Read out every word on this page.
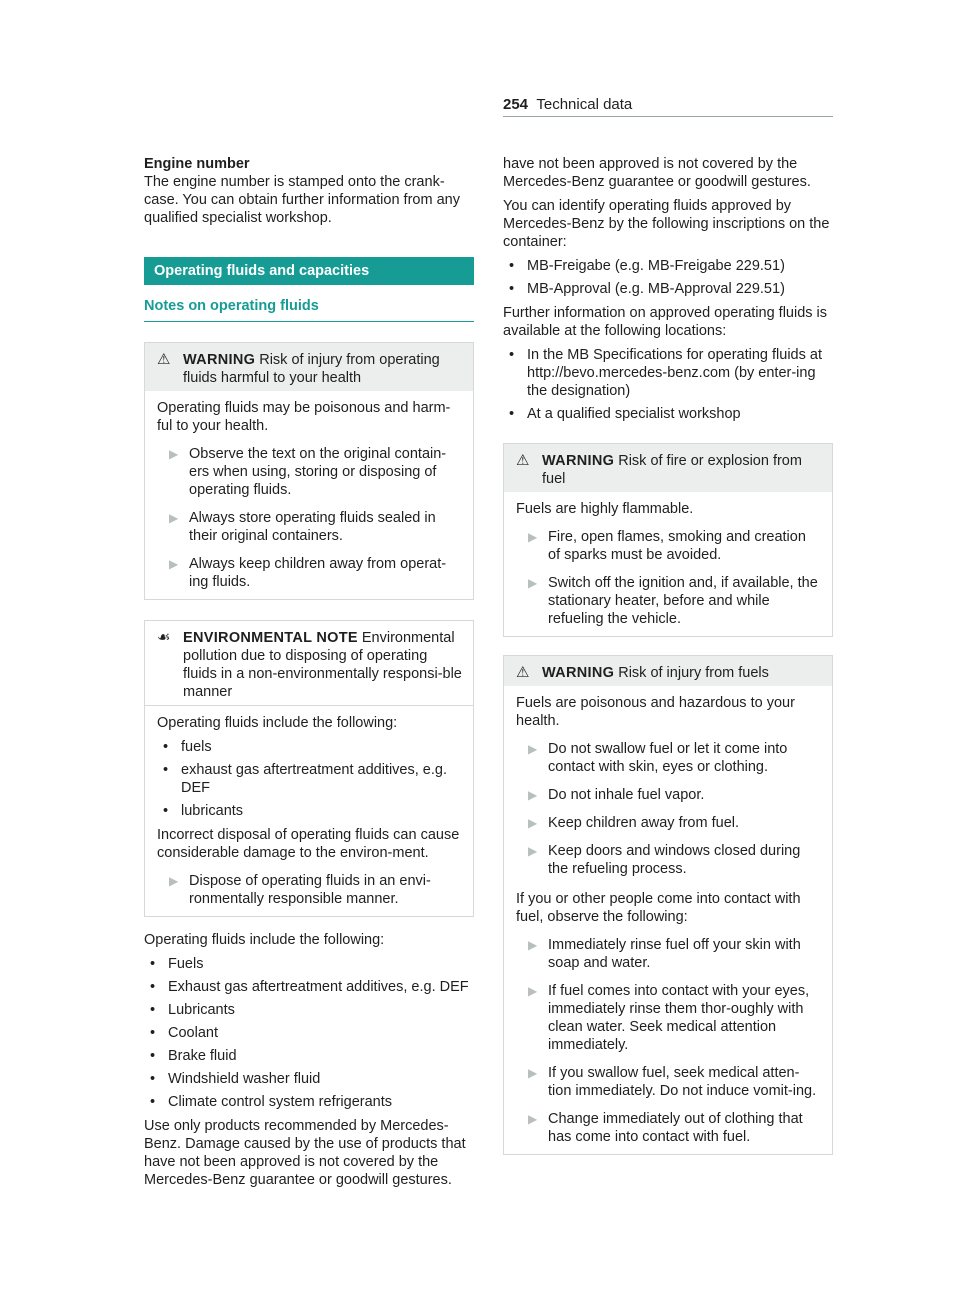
254 Technical data
Engine number

The engine number is stamped onto the crank-case. You can obtain further information from any qualified specialist workshop.

Operating fluids and capacities
Notes on operating fluids
⚠ WARNING Risk of injury from operating fluids harmful to your health

Operating fluids may be poisonous and harm-ful to your health.

▶ Observe the text on the original contain-ers when using, storing or disposing of operating fluids.
▶ Always store operating fluids sealed in their original containers.
▶ Always keep children away from operat-ing fluids.
☙ ENVIRONMENTAL NOTE Environmental pollution due to disposing of operating fluids in a non-environmentally responsi-ble manner

Operating fluids include the following:

• fuels
• exhaust gas aftertreatment additives, e.g. DEF
• lubricants

Incorrect disposal of operating fluids can cause considerable damage to the environ-ment.

▶ Dispose of operating fluids in an envi-ronmentally responsible manner.

Operating fluids include the following:

• Fuels
• Exhaust gas aftertreatment additives, e.g. DEF
• Lubricants
• Coolant
• Brake fluid
• Windshield washer fluid
• Climate control system refrigerants

Use only products recommended by Mercedes-Benz. Damage caused by the use of products that have not been approved is not covered by the Mercedes-Benz guarantee or goodwill gestures.

have not been approved is not covered by the Mercedes-Benz guarantee or goodwill gestures.

You can identify operating fluids approved by Mercedes-Benz by the following inscriptions on the container:

• MB-Freigabe (e.g. MB-Freigabe 229.51)
• MB-Approval (e.g. MB-Approval 229.51)

Further information on approved operating fluids is available at the following locations:

• In the MB Specifications for operating fluids at http://bevo.mercedes-benz.com (by enter-ing the designation)
• At a qualified specialist workshop
⚠ WARNING Risk of fire or explosion from fuel

Fuels are highly flammable.

▶ Fire, open flames, smoking and creation of sparks must be avoided.
▶ Switch off the ignition and, if available, the stationary heater, before and while refueling the vehicle.
⚠ WARNING Risk of injury from fuels

Fuels are poisonous and hazardous to your health.

▶ Do not swallow fuel or let it come into contact with skin, eyes or clothing.
▶ Do not inhale fuel vapor.
▶ Keep children away from fuel.
▶ Keep doors and windows closed during the refueling process.

If you or other people come into contact with fuel, observe the following:

▶ Immediately rinse fuel off your skin with soap and water.
▶ If fuel comes into contact with your eyes, immediately rinse them thor-oughly with clean water. Seek medical attention immediately.
▶ If you swallow fuel, seek medical atten-tion immediately. Do not induce vomit-ing.
▶ Change immediately out of clothing that has come into contact with fuel.
